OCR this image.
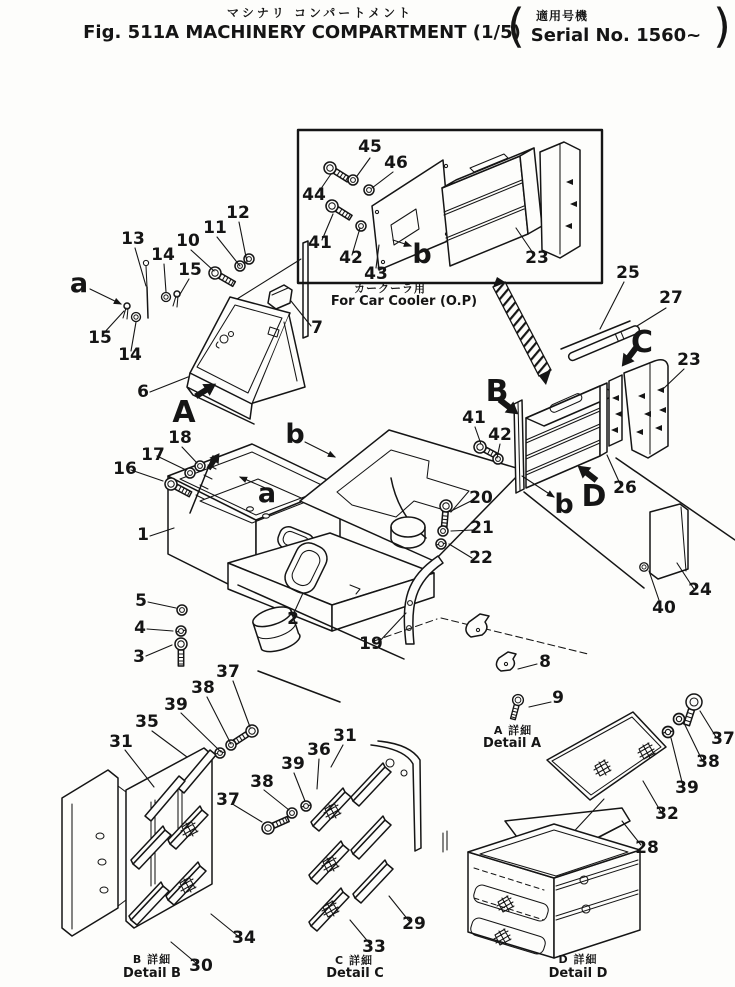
マシナリ コンパートメント
Fig. 511A MACHINERY COMPARTMENT (1/5)
(	)
適用号機
Serial No. 1560~
カークーラ用
For Car Cooler (O.P)
44
45
46
41
42
43
23
b
13
12
11
10
14
15
a
15
14
7
6
A
18
17
16
b
a
1
5
4
3
2
25
27
C 23
B
41
42
20
21
22
26
D
b
24
40
19
8
9
A 詳細
Detail A
37
38
39
35
31
34
30
B 詳細
Detail B
31
36
39
38
37
29
33
C 詳細
Detail C
37
38
39
32
28
D 詳細
Detail D
